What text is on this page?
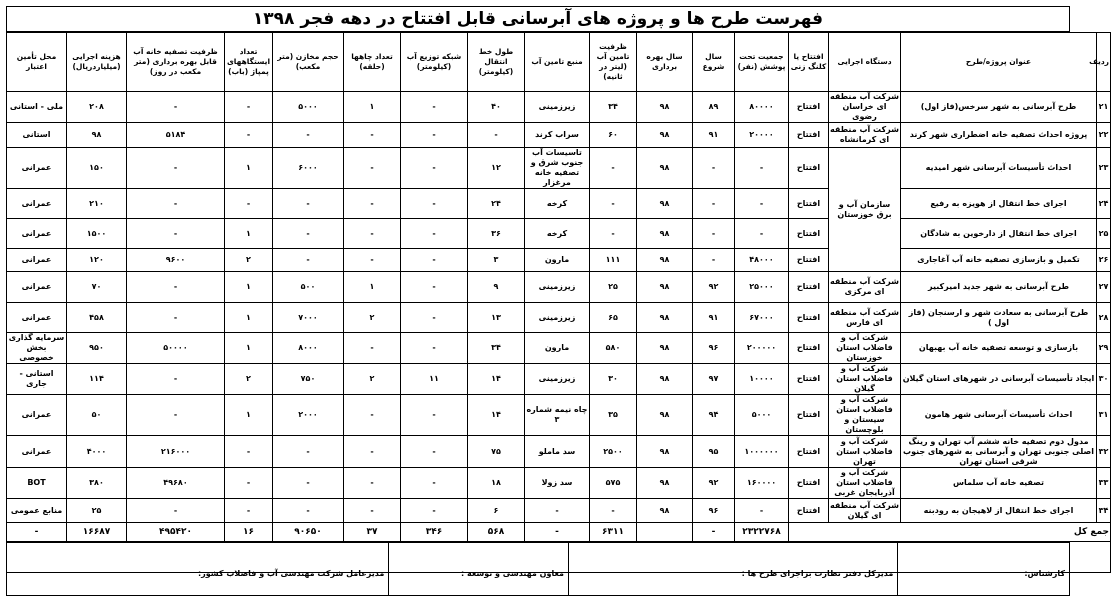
فهرست طرح ها و پروژه های آبرسانی قابل افتتاح در دهه فجر ۱۳۹۸
ردیف	عنوان پروژه/طرح	دستگاه اجرایی	افتتاح یا کلنگ زنی	جمعیت تحت پوشش (نفر)	سال شروع	سال بهره برداری	ظرفیت تامین آب (لیتر در ثانیه)	منبع تامین آب	طول خط انتقال (کیلومتر)	شبکه توزیع آب (کیلومتر)	تعداد چاهها (حلقه)	حجم مخازن (متر مکعب)	تعداد ایستگاههای پمپاژ (باب)	ظرفیت تصفیه خانه آب قابل بهره برداری (متر مکعب در روز)	هزینه اجرایی (میلیاردریال)	محل تأمین اعتبار
۲۱	طرح آبرسانی به شهر سرخس(فاز اول)	شرکت آب منطقه ای خراسان رضوی	افتتاح	۸۰۰۰۰	۸۹	۹۸	۳۴	زیرزمینی	۴۰	-	۱	۵۰۰۰	-	-	۲۰۸	ملی - استانی
۲۲	پروژه احداث تصفیه خانه اضطراری شهر کرند	شرکت آب منطقه ای کرمانشاه	افتتاح	۲۰۰۰۰	۹۱	۹۸	۶۰	سراب کرند	-	-	-	-	-	۵۱۸۴	۹۸	استانی
۲۳	احداث تأسیسات آبرسانی شهر امیدیه	سازمان آب و برق خوزستان	افتتاح	-	-	۹۸	-	تاسیسات آب جنوب شرق و تصفیه خانه مرغزار	۱۲	-	-	۶۰۰۰	۱	-	۱۵۰	عمرانی
۲۴	اجرای خط انتقال از هویزه به رفیع		افتتاح	-	-	۹۸	-	کرخه	۲۴	-	-	-	-	-	۲۱۰	عمرانی
۲۵	اجرای خط انتقال از دارخوین به شادگان		افتتاح	-	-	۹۸	-	کرخه	۳۶	-	-	-	۱	-	۱۵۰۰	عمرانی
۲۶	تکمیل و بازسازی تصفیه خانه آب آغاجاری		افتتاح	۴۸۰۰۰	-	۹۸	۱۱۱	مارون	۳	-	-	-	۲	۹۶۰۰	۱۲۰	عمرانی
۲۷	طرح آبرسانی به شهر جدید امیرکبیر	شرکت آب منطقه ای مرکزی	افتتاح	۲۵۰۰۰	۹۲	۹۸	۲۵	زیرزمینی	۹	-	۱	۵۰۰	۱	-	۷۰	عمرانی
۲۸	طرح آبرسانی به سعادت شهر و ارسنجان (فاز اول )	شرکت آب منطقه ای فارس	افتتاح	۶۷۰۰۰	۹۱	۹۸	۶۵	زیرزمینی	۱۳	-	۲	۷۰۰۰	۱	-	۴۵۸	عمرانی
۲۹	بازسازی و توسعه تصفیه خانه آب بهبهان	شرکت آب و فاضلاب استان خوزستان	افتتاح	۲۰۰۰۰۰	۹۶	۹۸	۵۸۰	مارون	۳۴	-	-	۸۰۰۰	۱	۵۰۰۰۰	۹۵۰	سرمایه گذاری بخش خصوصی
۳۰	ایجاد تأسیسات آبرسانی در شهرهای استان گیلان	شرکت آب و فاضلاب استان گیلان	افتتاح	۱۰۰۰۰	۹۷	۹۸	۳۰	زیرزمینی	۱۴	۱۱	۲	۷۵۰	۲	-	۱۱۴	استانی - جاری
۳۱	احداث تأسیسات آبرسانی شهر هامون	شرکت آب و فاضلاب استان سیستان و بلوچستان	افتتاح	۵۰۰۰	۹۴	۹۸	۳۵	چاه نیمه شماره ۳	۱۴	-	-	۲۰۰۰	۱	-	۵۰	عمرانی
۳۲	مدول دوم تصفیه خانه ششم آب تهران و رینگ اصلی جنوبی تهران و آبرسانی به شهرهای جنوب شرقی استان تهران	شرکت آب و فاضلاب استان تهران	افتتاح	۱۰۰۰۰۰۰	۹۵	۹۸	۲۵۰۰	سد ماملو	۷۵	-	-	-	-	۲۱۶۰۰۰	۴۰۰۰	عمرانی
۳۳	تصفیه خانه آب سلماس	شرکت آب و فاضلاب استان آذربایجان غربی	افتتاح	۱۶۰۰۰۰	۹۲	۹۸	۵۷۵	سد زولا	۱۸	-	-	-	-	۴۹۶۸۰	۳۸۰	BOT
۳۴	اجرای خط انتقال از لاهیجان به رودبنه	شرکت آب منطقه ای گیلان	افتتاح	-	۹۶	۹۸	-	-	۶	-	-	-	-	-	۲۵	منابع عمومی
جمع کل				۲۳۲۲۷۶۸	-		۶۳۱۱	-	۵۶۸	۳۴۶	۳۷	۹۰۶۵۰	۱۶	۴۹۵۴۲۰	۱۶۶۸۷	-

کارشناس:
مدیرکل دفتر نظارت براجرای طرح ها :
معاون مهندسی و توسعه :
مدیرعامل شرکت مهندسی آب و فاضلاب کشور:
